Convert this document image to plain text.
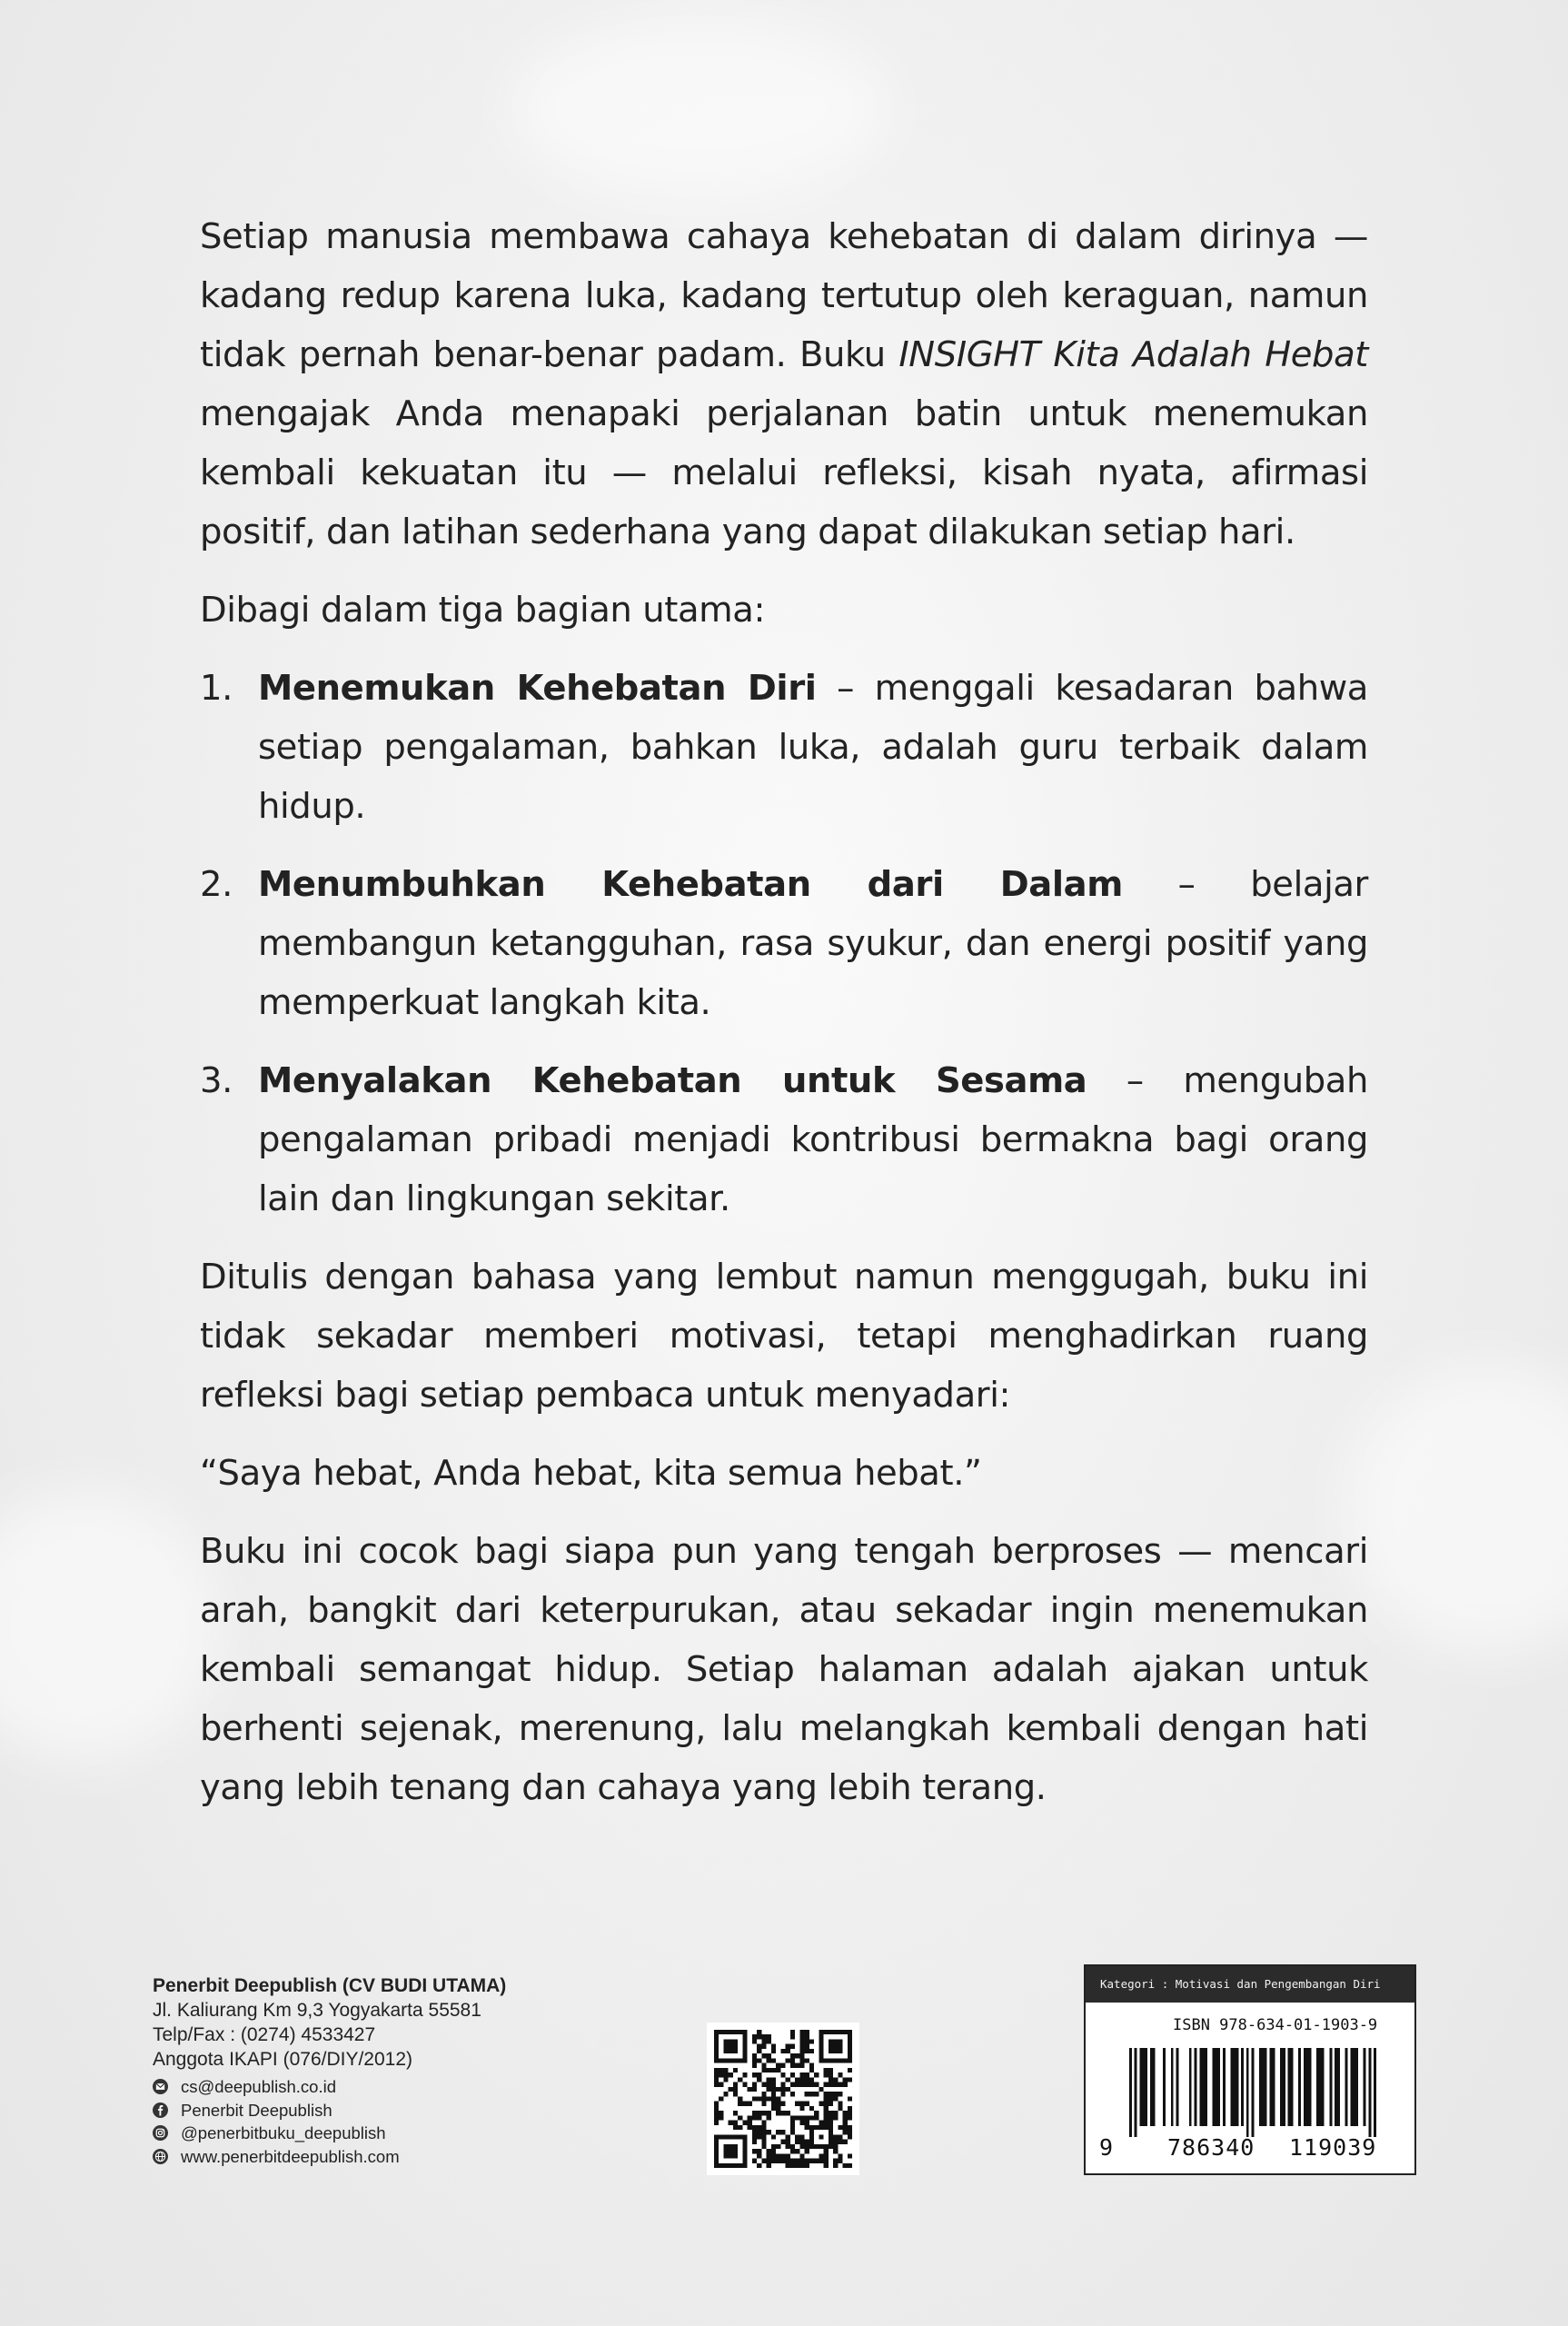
Setiap manusia membawa cahaya kehebatan di dalam dirinya — kadang redup karena luka, kadang tertutup oleh keraguan, namun tidak pernah benar-benar padam. Buku INSIGHT Kita Adalah Hebat mengajak Anda menapaki perjalanan batin untuk menemukan kembali kekuatan itu — melalui refleksi, kisah nyata, afirmasi positif, dan latihan sederhana yang dapat dilakukan setiap hari.

Dibagi dalam tiga bagian utama:

1. Menemukan Kehebatan Diri – menggali kesadaran bahwa setiap pengalaman, bahkan luka, adalah guru terbaik dalam hidup.
2. Menumbuhkan Kehebatan dari Dalam – belajar membangun ketangguhan, rasa syukur, dan energi positif yang memperkuat langkah kita.
3. Menyalakan Kehebatan untuk Sesama – mengubah pengalaman pribadi menjadi kontribusi bermakna bagi orang lain dan lingkungan sekitar.

Ditulis dengan bahasa yang lembut namun menggugah, buku ini tidak sekadar memberi motivasi, tetapi menghadirkan ruang refleksi bagi setiap pembaca untuk menyadari:

“Saya hebat, Anda hebat, kita semua hebat.”

Buku ini cocok bagi siapa pun yang tengah berproses — mencari arah, bangkit dari keterpurukan, atau sekadar ingin menemukan kembali semangat hidup. Setiap halaman adalah ajakan untuk berhenti sejenak, merenung, lalu melangkah kembali dengan hati yang lebih tenang dan cahaya yang lebih terang.

Penerbit Deepublish (CV BUDI UTAMA)
Jl. Kaliurang Km 9,3 Yogyakarta 55581
Telp/Fax : (0274) 4533427
Anggota IKAPI (076/DIY/2012)
cs@deepublish.co.id
Penerbit Deepublish
@penerbitbuku_deepublish
www.penerbitdeepublish.com
Kategori : Motivasi dan Pengembangan Diri
ISBN 978-634-01-1903-9
9 786340 119039
